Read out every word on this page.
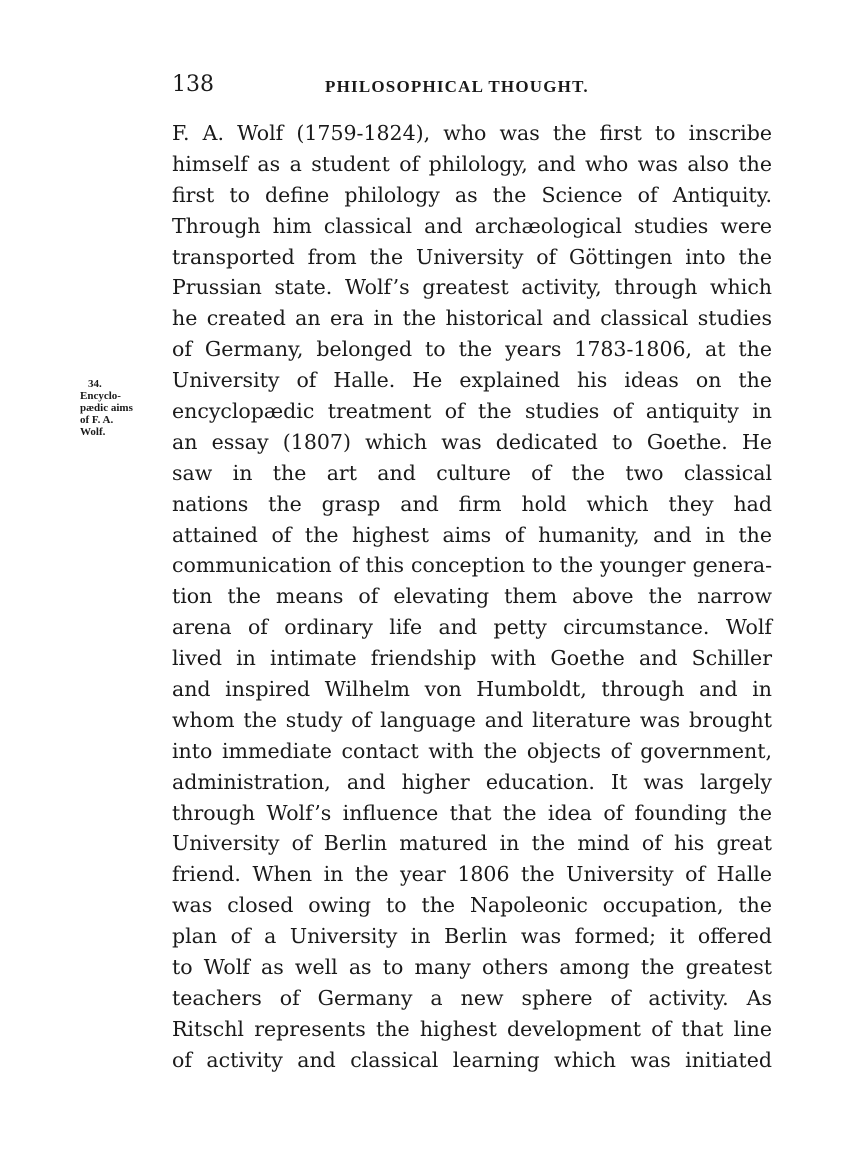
138	PHILOSOPHICAL THOUGHT.
34.
Encyclo-
pædic aims
of F. A.
Wolf.
F. A. Wolf (1759-1824), who was the first to inscribe
himself as a student of philology, and who was also the
first to define philology as the Science of Antiquity.
Through him classical and archæological studies were
transported from the University of Göttingen into the
Prussian state. Wolf’s greatest activity, through which
he created an era in the historical and classical studies
of Germany, belonged to the years 1783-1806, at the
University of Halle. He explained his ideas on the
encyclopædic treatment of the studies of antiquity in
an essay (1807) which was dedicated to Goethe. He
saw in the art and culture of the two classical
nations the grasp and firm hold which they had
attained of the highest aims of humanity, and in the
communication of this conception to the younger genera-
tion the means of elevating them above the narrow
arena of ordinary life and petty circumstance. Wolf
lived in intimate friendship with Goethe and Schiller
and inspired Wilhelm von Humboldt, through and in
whom the study of language and literature was brought
into immediate contact with the objects of government,
administration, and higher education. It was largely
through Wolf’s influence that the idea of founding the
University of Berlin matured in the mind of his great
friend. When in the year 1806 the University of Halle
was closed owing to the Napoleonic occupation, the
plan of a University in Berlin was formed; it offered
to Wolf as well as to many others among the greatest
teachers of Germany a new sphere of activity. As
Ritschl represents the highest development of that line
of activity and classical learning which was initiated
